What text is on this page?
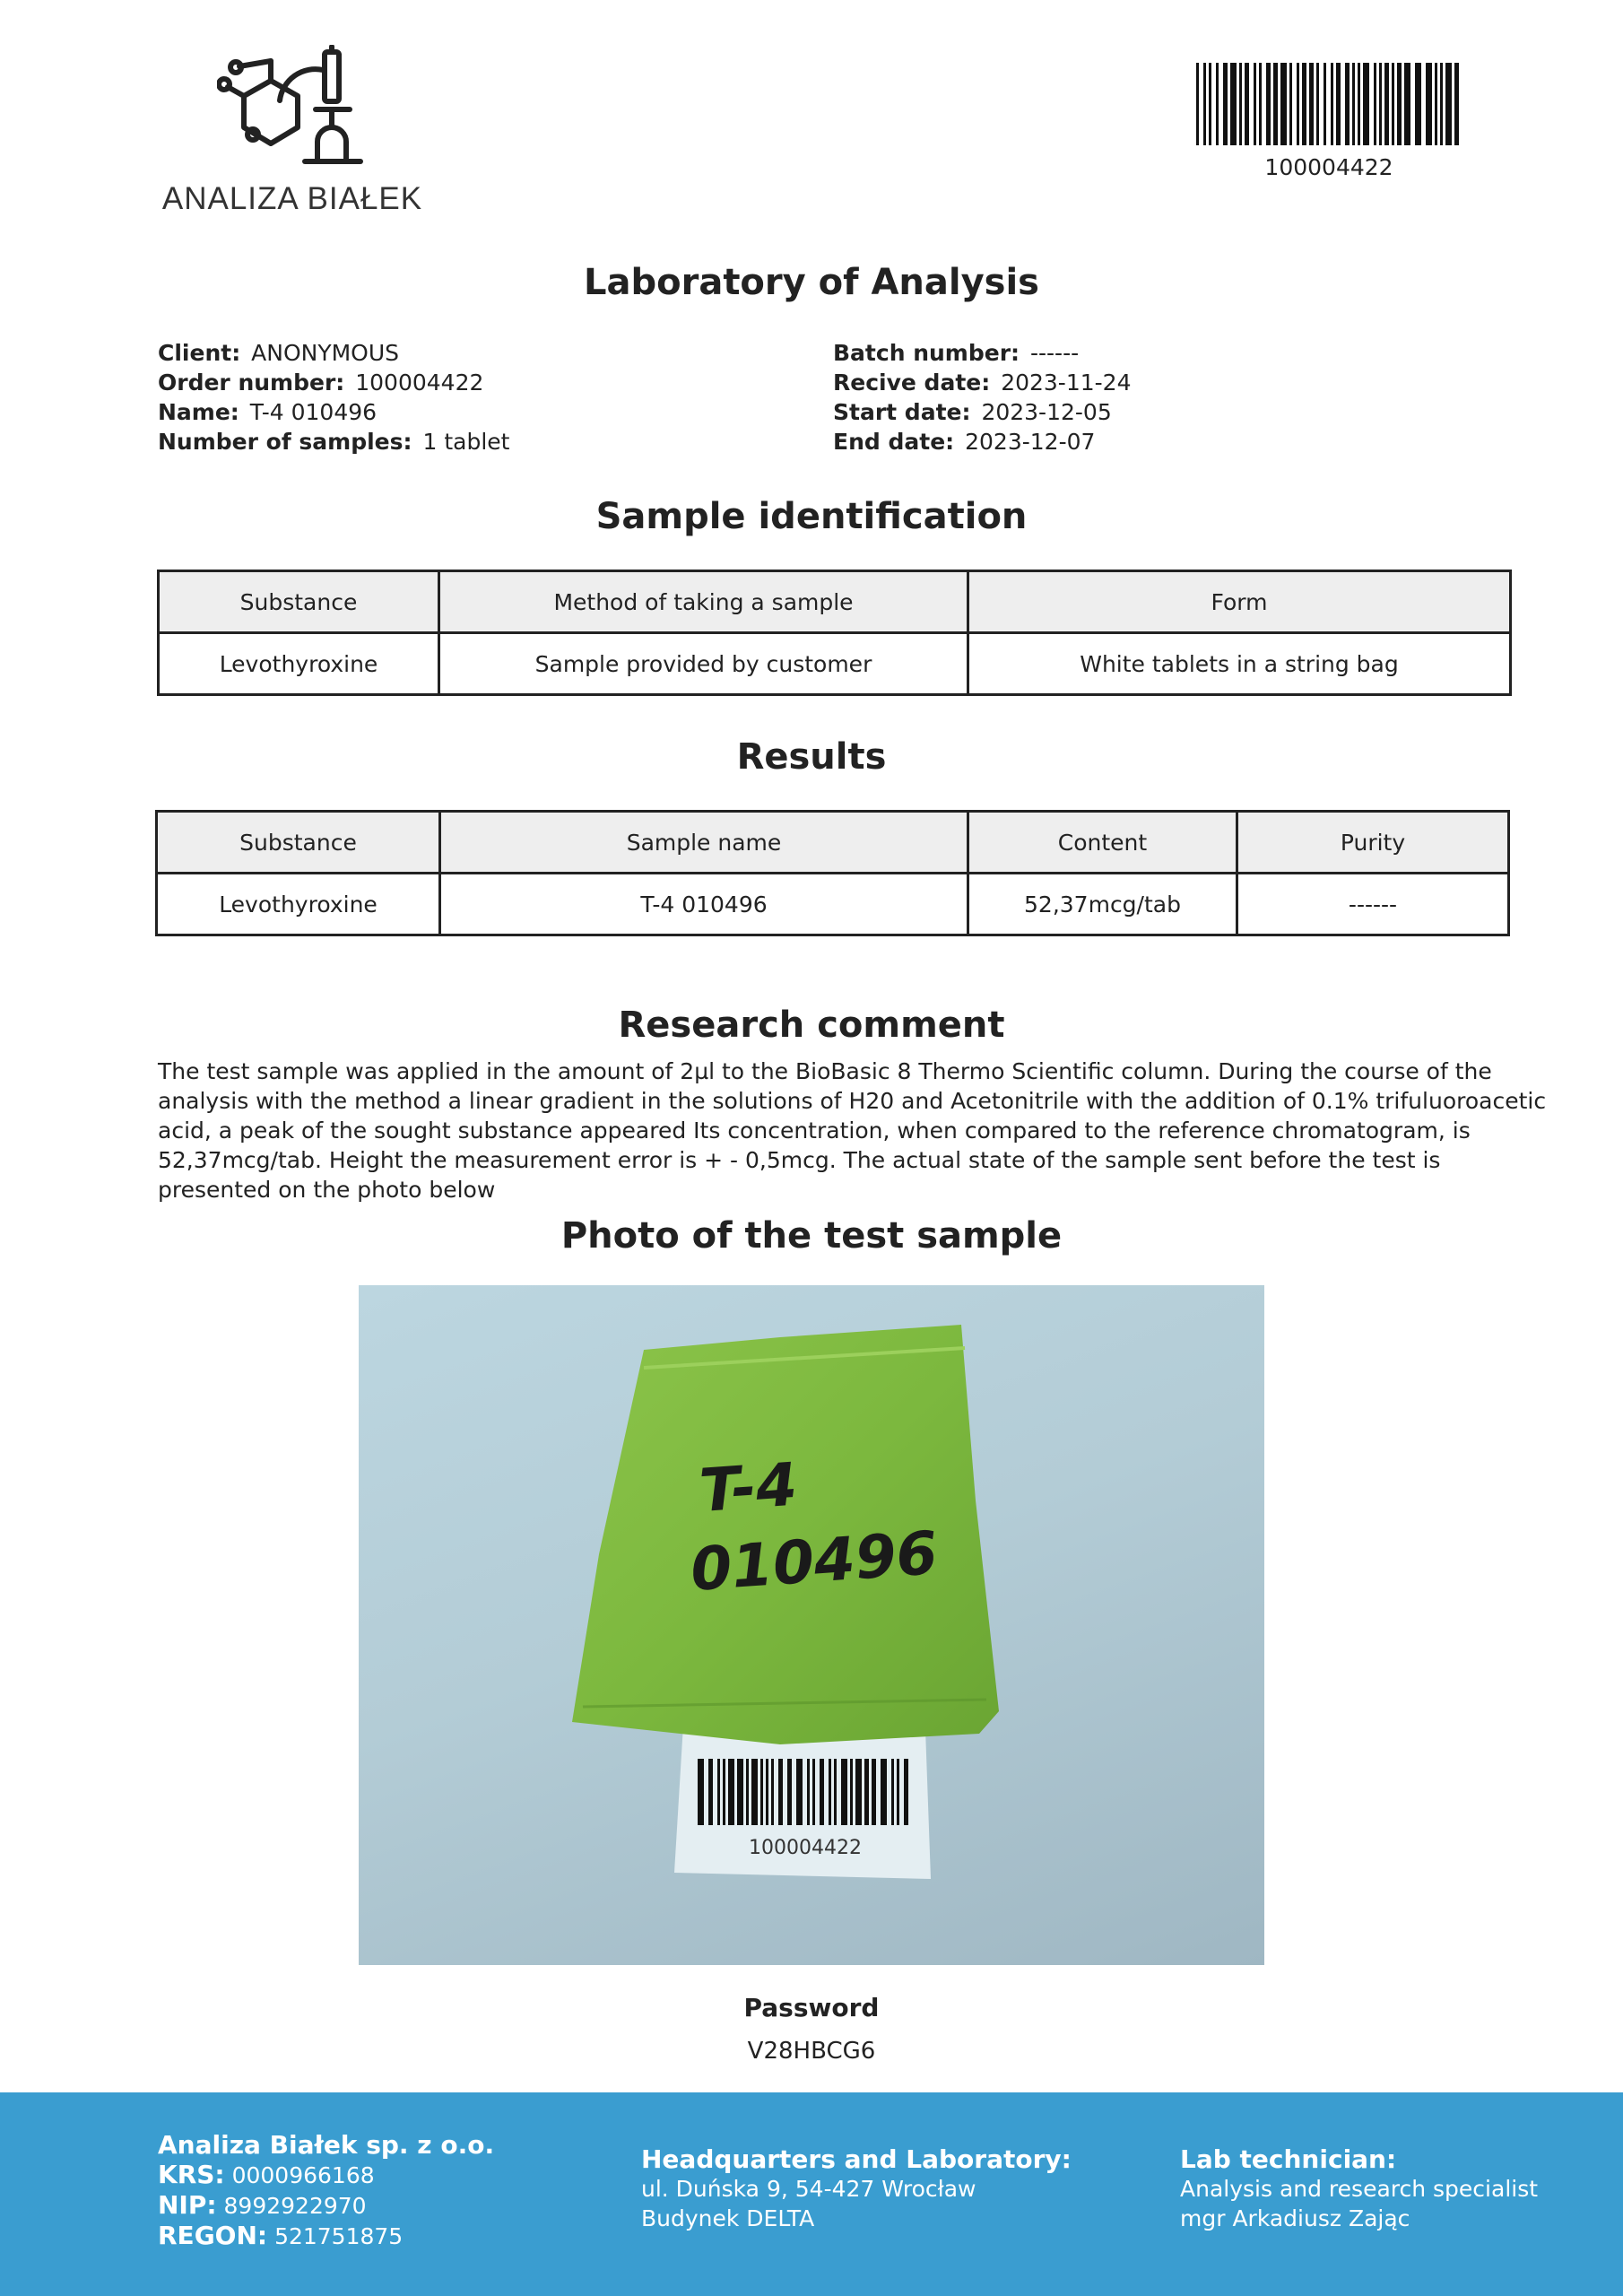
ANALIZA BIAŁEK
100004422
Laboratory of Analysis
Client: ANONYMOUS
Order number: 100004422
Name: T-4 010496
Number of samples: 1 tablet
Batch number: ------
Recive date: 2023-11-24
Start date: 2023-12-05
End date: 2023-12-07
Sample identification
Substance	Method of taking a sample	Form
Levothyroxine	Sample provided by customer	White tablets in a string bag
Results
Substance	Sample name	Content	Purity
Levothyroxine	T-4 010496	52,37mcg/tab	------
Research comment
The test sample was applied in the amount of 2µl to the BioBasic 8 Thermo Scientific column. During the course of the analysis with the method a linear gradient in the solutions of H20 and Acetonitrile with the addition of 0.1% trifuluoroacetic acid, a peak of the sought substance appeared Its concentration, when compared to the reference chromatogram, is 52,37mcg/tab. Height the measurement error is + - 0,5mcg. The actual state of the sample sent before the test is presented on the photo below
Photo of the test sample
100004422
T-4
010496
Password
V28HBCG6
Analiza Białek sp. z o.o.
KRS: 0000966168
NIP: 8992922970
REGON: 521751875
Headquarters and Laboratory:
ul. Duńska 9, 54-427 Wrocław
Budynek DELTA
Lab technician:
Analysis and research specialist
mgr Arkadiusz Zając
